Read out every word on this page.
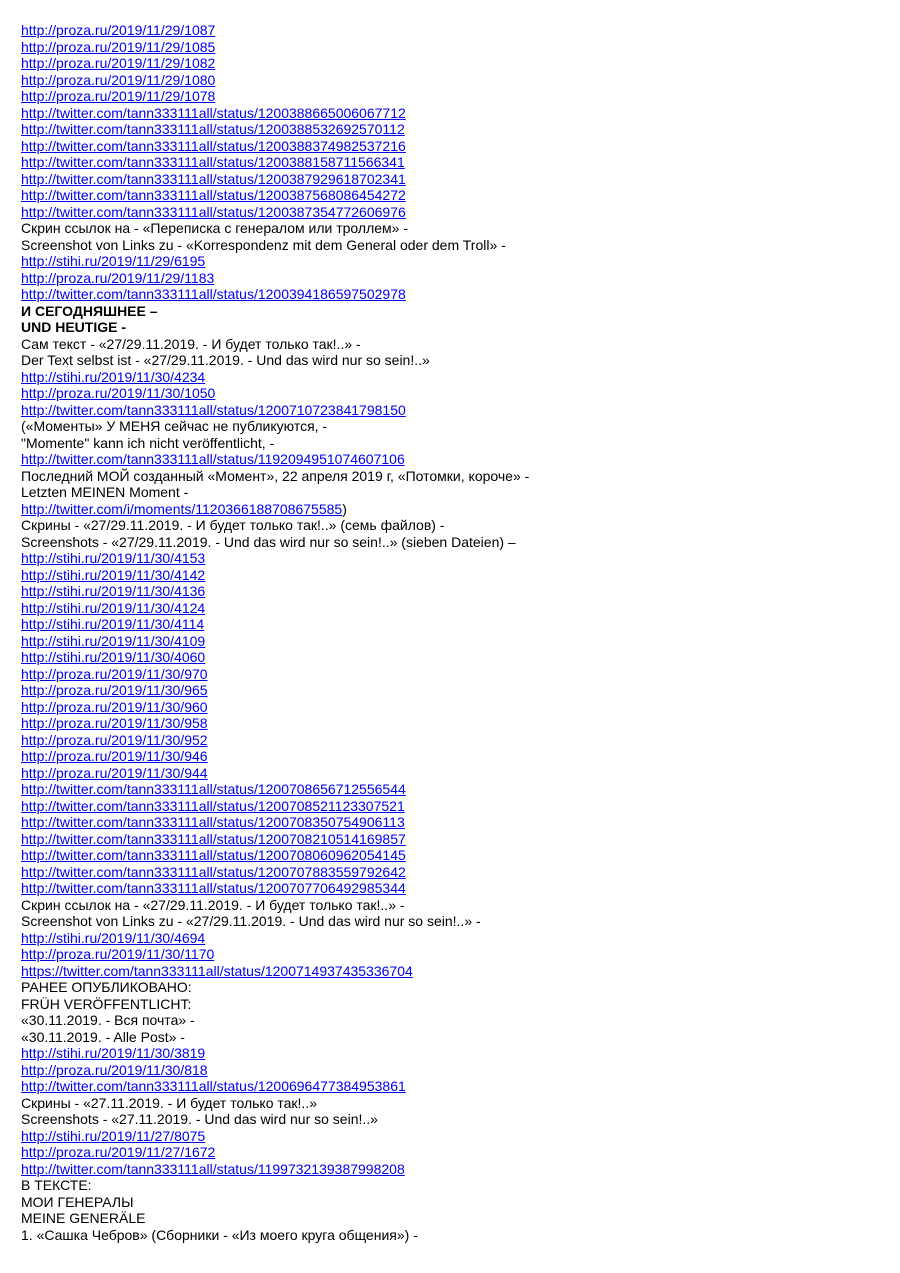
http://proza.ru/2019/11/29/1087
http://proza.ru/2019/11/29/1085
http://proza.ru/2019/11/29/1082
http://proza.ru/2019/11/29/1080
http://proza.ru/2019/11/29/1078
http://twitter.com/tann333111all/status/1200388665006067712
http://twitter.com/tann333111all/status/1200388532692570112
http://twitter.com/tann333111all/status/1200388374982537216
http://twitter.com/tann333111all/status/1200388158711566341
http://twitter.com/tann333111all/status/1200387929618702341
http://twitter.com/tann333111all/status/1200387568086454272
http://twitter.com/tann333111all/status/1200387354772606976
Скрин ссылок на - «Переписка с генералом или троллем» -
Screenshot von Links zu - «Korrespondenz mit dem General oder dem Troll» -
http://stihi.ru/2019/11/29/6195
http://proza.ru/2019/11/29/1183
http://twitter.com/tann333111all/status/1200394186597502978
И СЕГОДНЯШНЕЕ –
UND HEUTIGE -
Сам текст - «27/29.11.2019. - И будет только так!..» -
Der Text selbst ist - «27/29.11.2019. - Und das wird nur so sein!..»
http://stihi.ru/2019/11/30/4234
http://proza.ru/2019/11/30/1050
http://twitter.com/tann333111all/status/1200710723841798150
(«Моменты» У МЕНЯ сейчас не публикуются, -
"Momente" kann ich nicht veröffentlicht, -
http://twitter.com/tann333111all/status/1192094951074607106
Последний МОЙ созданный «Момент», 22 апреля 2019 г, «Потомки, короче» -
Letzten MEINEN Moment -
http://twitter.com/i/moments/1120366188708675585)
Скрины - «27/29.11.2019. - И будет только так!..» (семь файлов) -
Screenshots - «27/29.11.2019. - Und das wird nur so sein!..» (sieben Dateien) –
http://stihi.ru/2019/11/30/4153
http://stihi.ru/2019/11/30/4142
http://stihi.ru/2019/11/30/4136
http://stihi.ru/2019/11/30/4124
http://stihi.ru/2019/11/30/4114
http://stihi.ru/2019/11/30/4109
http://stihi.ru/2019/11/30/4060
http://proza.ru/2019/11/30/970
http://proza.ru/2019/11/30/965
http://proza.ru/2019/11/30/960
http://proza.ru/2019/11/30/958
http://proza.ru/2019/11/30/952
http://proza.ru/2019/11/30/946
http://proza.ru/2019/11/30/944
http://twitter.com/tann333111all/status/1200708656712556544
http://twitter.com/tann333111all/status/1200708521123307521
http://twitter.com/tann333111all/status/1200708350754906113
http://twitter.com/tann333111all/status/1200708210514169857
http://twitter.com/tann333111all/status/1200708060962054145
http://twitter.com/tann333111all/status/1200707883559792642
http://twitter.com/tann333111all/status/1200707706492985344
Скрин ссылок на - «27/29.11.2019. - И будет только так!..» -
Screenshot von Links zu - «27/29.11.2019. - Und das wird nur so sein!..» -
http://stihi.ru/2019/11/30/4694
http://proza.ru/2019/11/30/1170
https://twitter.com/tann333111all/status/1200714937435336704
РАНЕЕ ОПУБЛИКОВАНО:
FRÜH VERÖFFENTLICHT:
«30.11.2019. - Вся почта» -
«30.11.2019. - Alle Post» -
http://stihi.ru/2019/11/30/3819
http://proza.ru/2019/11/30/818
http://twitter.com/tann333111all/status/1200696477384953861
Скрины - «27.11.2019. - И будет только так!..»
Screenshots - «27.11.2019. - Und das wird nur so sein!..»
http://stihi.ru/2019/11/27/8075
http://proza.ru/2019/11/27/1672
http://twitter.com/tann333111all/status/1199732139387998208
В ТЕКСТЕ:
МОИ ГЕНЕРАЛЫ
MEINE GENERÄLE
1. «Сашка Чебров» (Сборники - «Из моего круга общения») -
